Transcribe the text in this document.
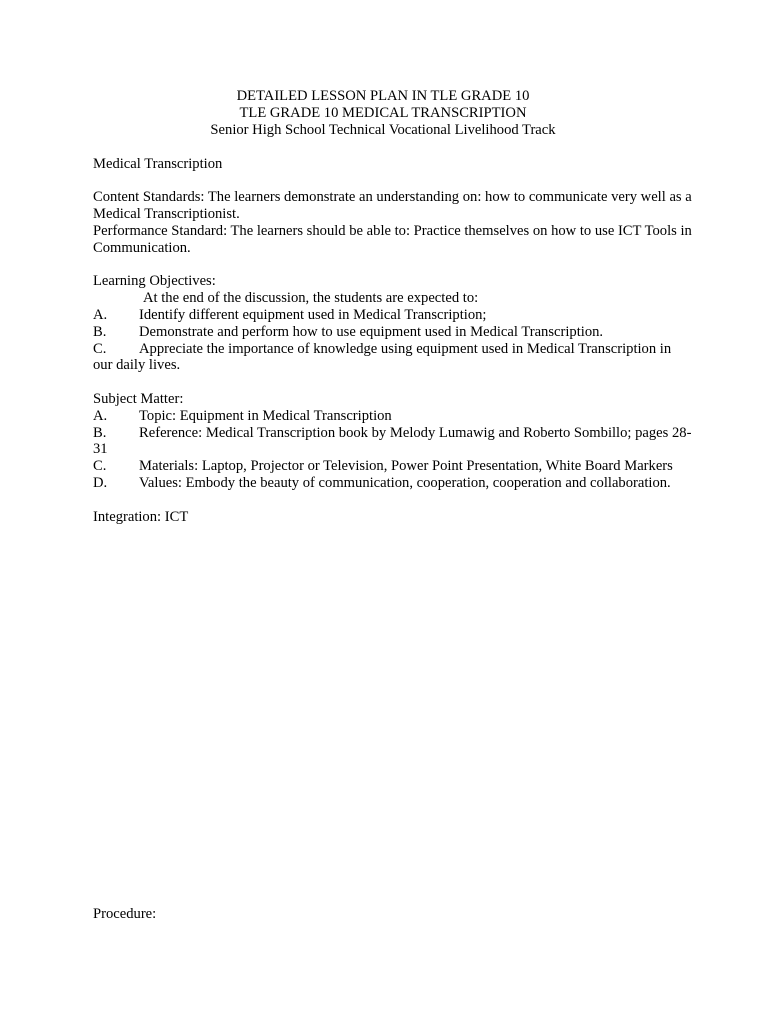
DETAILED LESSON PLAN IN TLE GRADE 10
TLE GRADE 10 MEDICAL TRANSCRIPTION
Senior High School Technical Vocational Livelihood Track
Medical Transcription
Content Standards: The learners demonstrate an understanding on: how to communicate very well as a Medical Transcriptionist.
Performance Standard: The learners should be able to: Practice themselves on how to use ICT Tools in Communication.
Learning Objectives:
At the end of the discussion, the students are expected to:
A.	Identify different equipment used in Medical Transcription;
B.	Demonstrate and perform how to use equipment used in Medical Transcription.
C. Appreciate the importance of knowledge using equipment used in Medical Transcription in our daily lives.
Subject Matter:
A. Topic: Equipment in Medical Transcription
B. Reference: Medical Transcription book by Melody Lumawig and Roberto Sombillo; pages 28-31
C. Materials: Laptop, Projector or Television, Power Point Presentation, White Board Markers
D. Values: Embody the beauty of communication, cooperation, cooperation and collaboration.
Integration: ICT
Procedure:
